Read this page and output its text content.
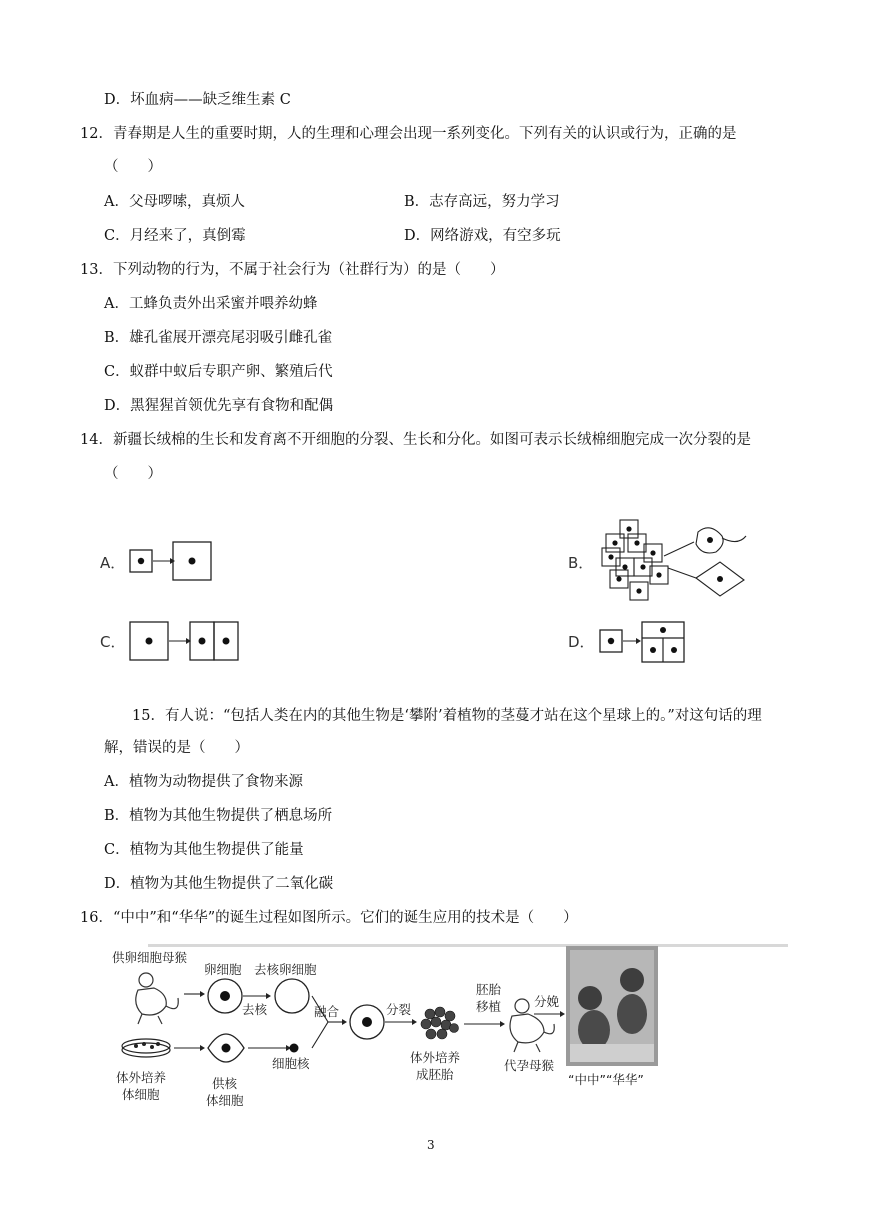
D．坏血病——缺乏维生素 C
12．青春期是人生的重要时期，人的生理和心理会出现一系列变化。下列有关的认识或行为，正确的是
（　　）
A．父母啰嗦，真烦人	B．志存高远，努力学习
C．月经来了，真倒霉	D．网络游戏，有空多玩
13．下列动物的行为，不属于社会行为（社群行为）的是（　　）
A．工蜂负责外出采蜜并喂养幼蜂
B．雄孔雀展开漂亮尾羽吸引雌孔雀
C．蚁群中蚁后专职产卵、繁殖后代
D．黑猩猩首领优先享有食物和配偶
14．新疆长绒棉的生长和发育离不开细胞的分裂、生长和分化。如图可表示长绒棉细胞完成一次分裂的是
（　　）
A．	B．
C．	D．
15．有人说：“包括人类在内的其他生物是‘攀附’着植物的茎蔓才站在这个星球上的。”对这句话的理
解，错误的是（　　）
A．植物为动物提供了食物来源
B．植物为其他生物提供了栖息场所
C．植物为其他生物提供了能量
D．植物为其他生物提供了二氧化碳
16．“中中”和“华华”的诞生过程如图所示。它们的诞生应用的技术是（　　）
供卵细胞母猴
卵细胞
去核
去核卵细胞
体外培养
体细胞
供核
体细胞
细胞核
融合	分裂
体外培养
成胚胎
胚胎
移植
代孕母猴
分娩
“中中”“华华”
3
